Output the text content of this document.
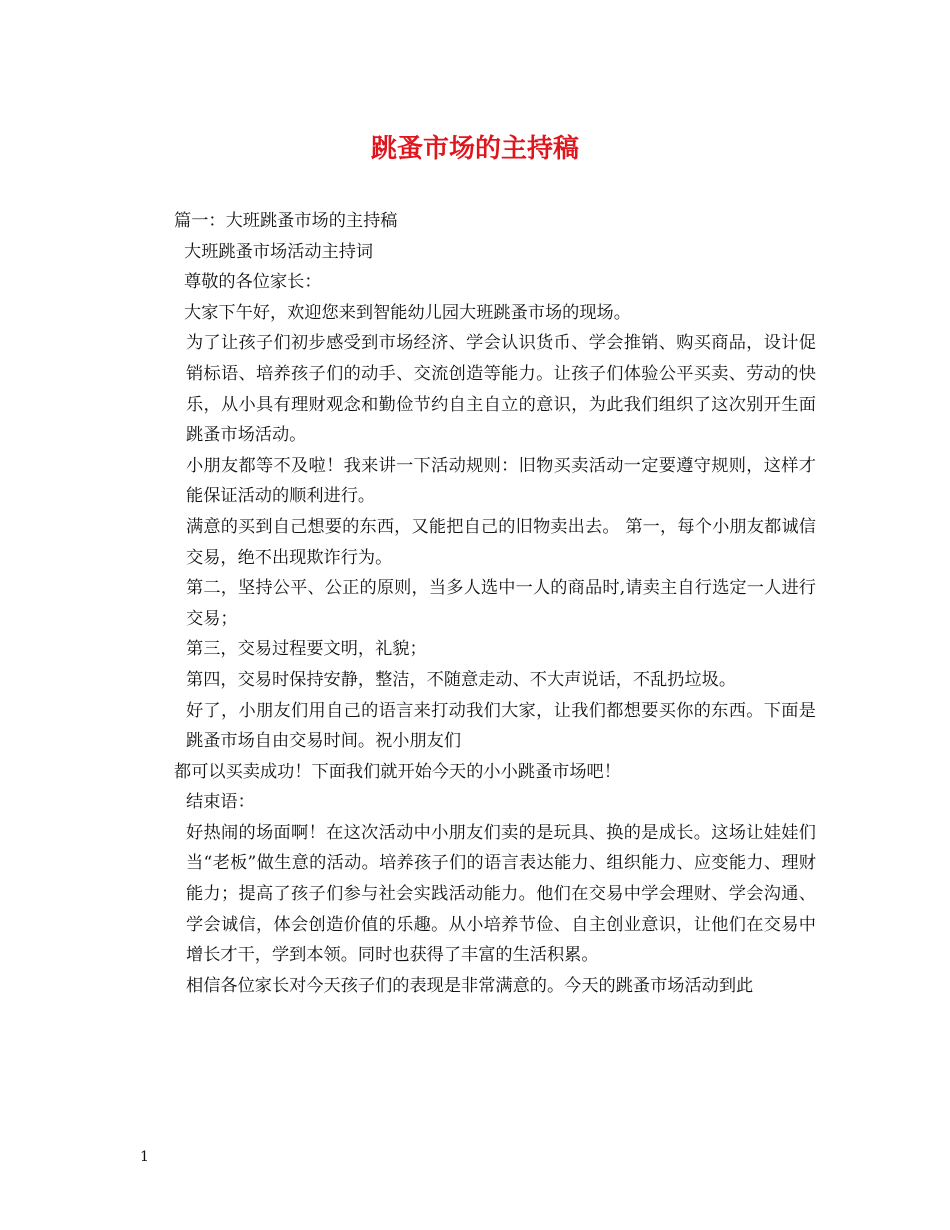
跳蚤市场的主持稿

篇一：大班跳蚤市场的主持稿

大班跳蚤市场活动主持词

尊敬的各位家长：

大家下午好，欢迎您来到智能幼儿园大班跳蚤市场的现场。

为了让孩子们初步感受到市场经济、学会认识货币、学会推销、购买商品，设计促销标语、培养孩子们的动手、交流创造等能力。让孩子们体验公平买卖、劳动的快乐，从小具有理财观念和勤俭节约自主自立的意识，为此我们组织了这次别开生面跳蚤市场活动。

小朋友都等不及啦！我来讲一下活动规则：旧物买卖活动一定要遵守规则，这样才能保证活动的顺利进行。

满意的买到自己想要的东西，又能把自己的旧物卖出去。 第一，每个小朋友都诚信交易，绝不出现欺诈行为。

第二，坚持公平、公正的原则，当多人选中一人的商品时,请卖主自行选定一人进行交易；

第三，交易过程要文明，礼貌；

第四，交易时保持安静，整洁，不随意走动、不大声说话，不乱扔垃圾。

好了，小朋友们用自己的语言来打动我们大家，让我们都想要买你的东西。下面是跳蚤市场自由交易时间。祝小朋友们

都可以买卖成功！下面我们就开始今天的小小跳蚤市场吧！

结束语：

好热闹的场面啊！在这次活动中小朋友们卖的是玩具、换的是成长。这场让娃娃们当“老板”做生意的活动。培养孩子们的语言表达能力、组织能力、应变能力、理财能力；提高了孩子们参与社会实践活动能力。他们在交易中学会理财、学会沟通、学会诚信，体会创造价值的乐趣。从小培养节俭、自主创业意识，让他们在交易中增长才干，学到本领。同时也获得了丰富的生活积累。

相信各位家长对今天孩子们的表现是非常满意的。今天的跳蚤市场活动到此

1
